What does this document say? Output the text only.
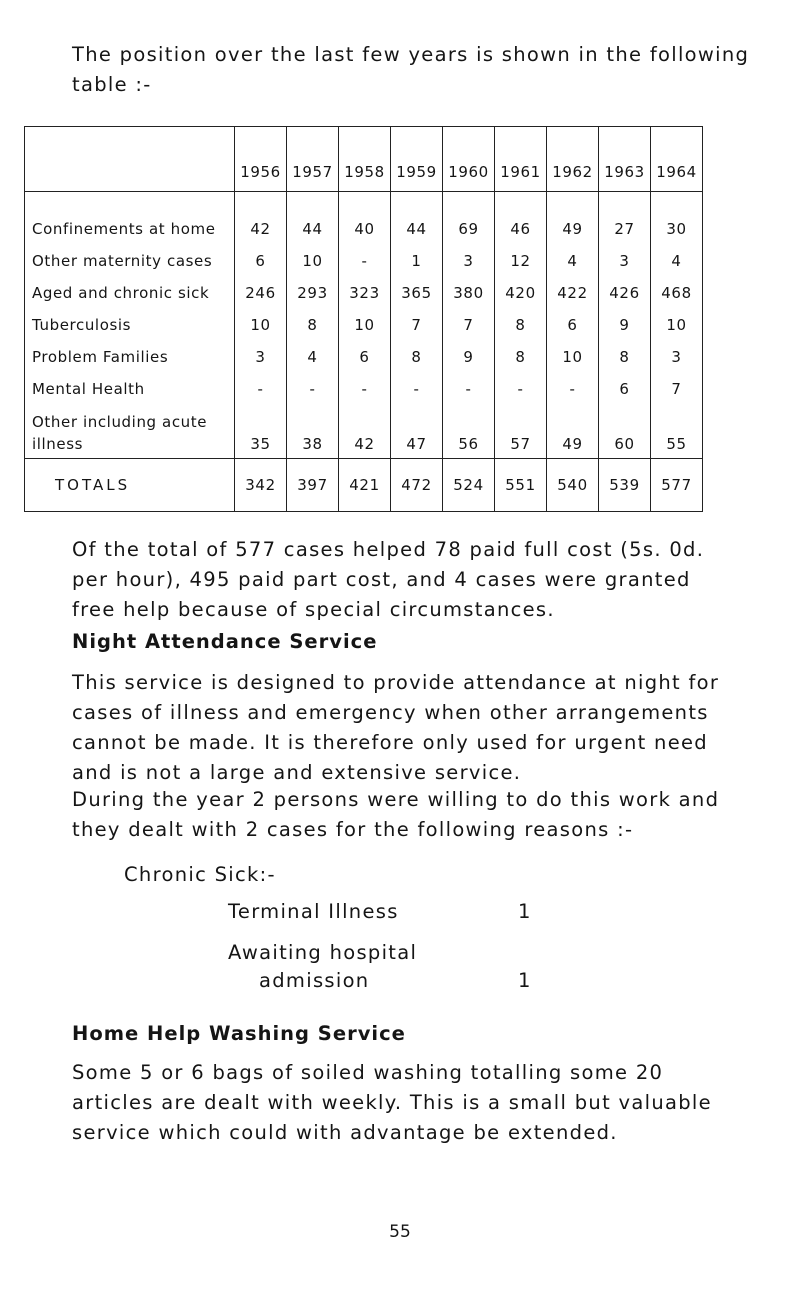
The position over the last few years is shown in the following table :-

	1956	1957	1958	1959	1960	1961	1962	1963	1964
Confinements at home	42	44	40	44	69	46	49	27	30
Other maternity cases	6	10	-	1	3	12	4	3	4
Aged and chronic sick	246	293	323	365	380	420	422	426	468
Tuberculosis	10	8	10	7	7	8	6	9	10
Problem Families	3	4	6	8	9	8	10	8	3
Mental Health	-	-	-	-	-	-	-	6	7
Other including acute illness	35	38	42	47	56	57	49	60	55
TOTALS	342	397	421	472	524	551	540	539	577

Of the total of 577 cases helped 78 paid full cost (5s. 0d. per hour), 495 paid part cost, and 4 cases were granted free help because of special circumstances.

Night Attendance Service

This service is designed to provide attendance at night for cases of illness and emergency when other arrangements cannot be made. It is therefore only used for urgent need and is not a large and extensive service.

During the year 2 persons were willing to do this work and they dealt with 2 cases for the following reasons :-

Chronic Sick:-

Terminal Illness	1
Awaiting hospital
admission	1
Home Help Washing Service

Some 5 or 6 bags of soiled washing totalling some 20 articles are dealt with weekly. This is a small but valuable service which could with advantage be extended.

55
